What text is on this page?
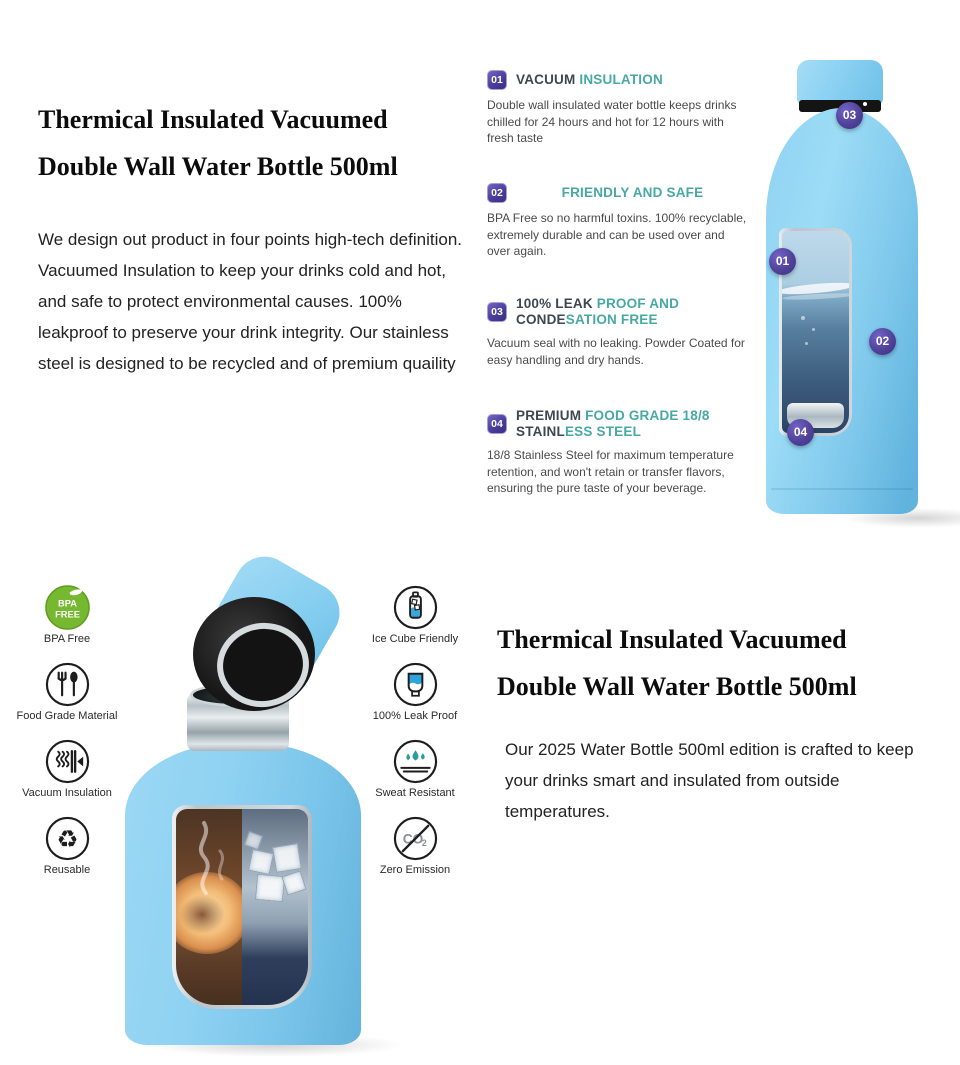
Thermical Insulated Vacuumed
Double Wall Water Bottle 500ml

We design out product in four points high-tech definition. Vacuumed Insulation to keep your drinks cold and hot, and safe to protect environmental causes. 100% leakproof to preserve your drink integrity. Our stainless steel is designed to be recycled and of premium quaility

01 VACUUM INSULATION

Double wall insulated water bottle keeps drinks chilled for 24 hours and hot for 12 hours with fresh taste

02	FRIENDLY AND SAFE

BPA Free so no harmful toxins. 100% recyclable, extremely durable and can be used over and over again.

03
100% LEAK PROOF AND
CONDESATION FREE

Vacuum seal with no leaking. Powder Coated for easy handling and dry hands.

04
PREMIUM FOOD GRADE 18/8
STAINLESS STEEL

18/8 Stainless Steel for maximum temperature retention, and won't retain or transfer flavors, ensuring the pure taste of your beverage.

01
02
03
04
BPA
FREE
BPA Free
Food Grade Material
Vacuum Insulation
♻
Reusable
Ice Cube Friendly
100% Leak Proof
Sweat Resistant
CO
2
Zero Emission
Thermical Insulated Vacuumed
Double Wall Water Bottle 500ml

Our 2025 Water Bottle 500ml edition is crafted to keep your drinks smart and insulated from outside temperatures.
